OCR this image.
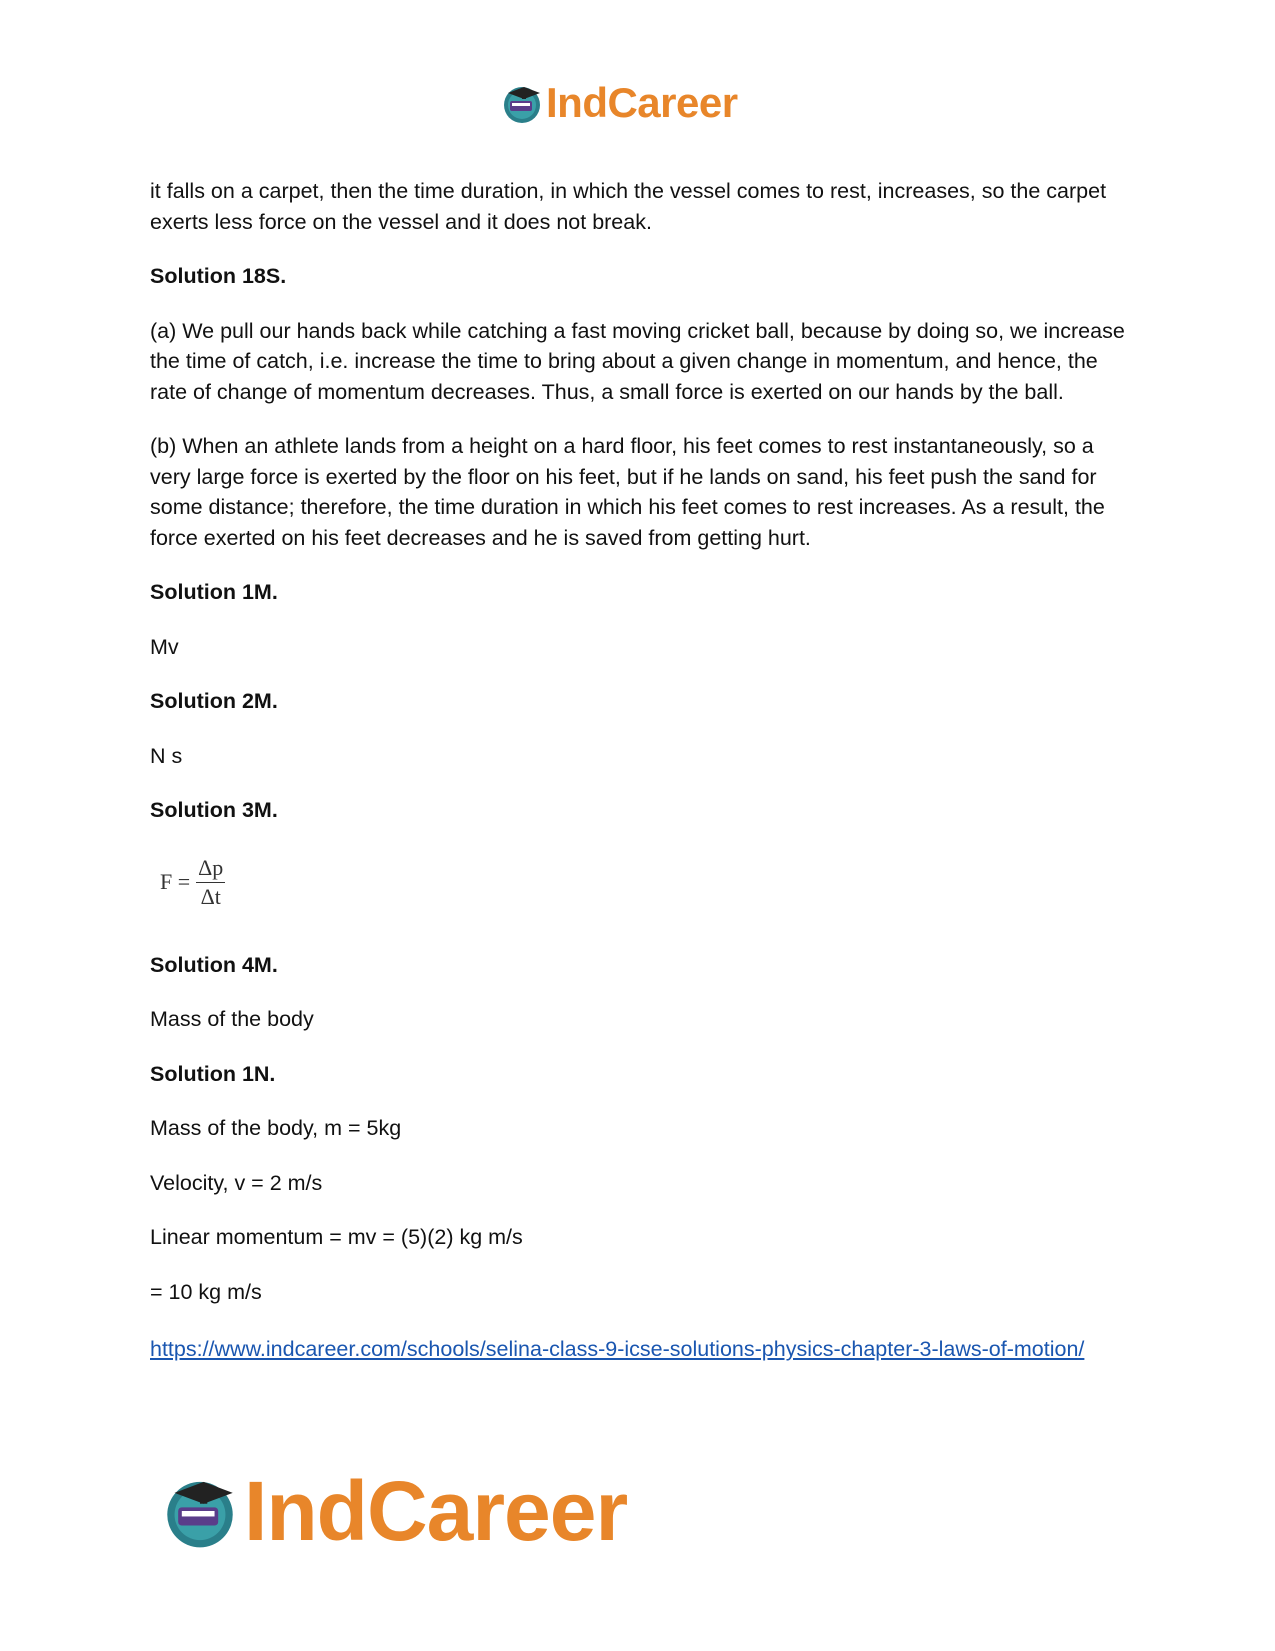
IndCareer

it falls on a carpet, then the time duration, in which the vessel comes to rest, increases, so the carpet exerts less force on the vessel and it does not break.

Solution 18S.

(a) We pull our hands back while catching a fast moving cricket ball, because by doing so, we increase the time of catch, i.e. increase the time to bring about a given change in momentum, and hence, the rate of change of momentum decreases. Thus, a small force is exerted on our hands by the ball.

(b) When an athlete lands from a height on a hard floor, his feet comes to rest instantaneously, so a very large force is exerted by the floor on his feet, but if he lands on sand, his feet push the sand for some distance; therefore, the time duration in which his feet comes to rest increases. As a result, the force exerted on his feet decreases and he is saved from getting hurt.

Solution 1M.

Mv

Solution 2M.

N s

Solution 3M.

$F = \frac{\Delta p}{\Delta t}$

Solution 4M.

Mass of the body

Solution 1N.

Mass of the body, m = 5kg

Velocity, v = 2 m/s

Linear momentum = mv = (5)(2) kg m/s

= 10 kg m/s

https://www.indcareer.com/schools/selina-class-9-icse-solutions-physics-chapter-3-laws-of-motion/
IndCareer
